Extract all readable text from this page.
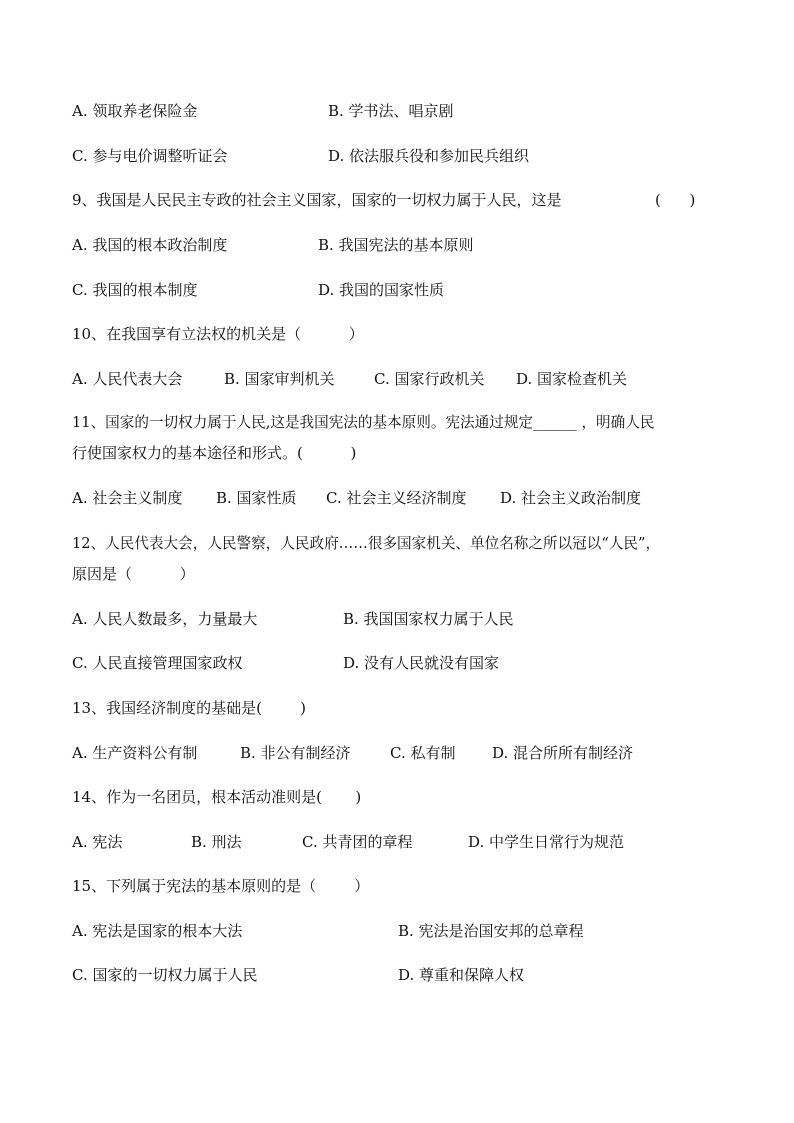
A. 领取养老保险金	B. 学书法、唱京剧
C. 参与电价调整听证会	D. 依法服兵役和参加民兵组织
9、我国是人民民主专政的社会主义国家，国家的一切权力属于人民，这是	(      )
A. 我国的根本政治制度	B. 我国宪法的基本原则
C. 我国的根本制度	D. 我国的国家性质
10、在我国享有立法权的机关是（          ）
A. 人民代表大会	B. 国家审判机关	C. 国家行政机关 D. 国家检查机关
11、国家的一切权力属于人民,这是我国宪法的基本原则。宪法通过规定______ ，明确人民
行使国家权力的基本途径和形式。(          )
A. 社会主义制度 B. 国家性质 C. 社会主义经济制度 D. 社会主义政治制度
12、人民代表大会，人民警察，人民政府……很多国家机关、单位名称之所以冠以“人民”，
原因是（          ）
A. 人民人数最多，力量最大	B. 我国国家权力属于人民
C. 人民直接管理国家政权	D. 没有人民就没有国家
13、我国经济制度的基础是(        )
A. 生产资料公有制	B. 非公有制经济	C. 私有制 D. 混合所所有制经济
14、作为一名团员，根本活动准则是(       )
A. 宪法	B. 刑法	C. 共青团的章程	D. 中学生日常行为规范
15、下列属于宪法的基本原则的是（        ）
A. 宪法是国家的根本大法	B. 宪法是治国安邦的总章程
C. 国家的一切权力属于人民	D. 尊重和保障人权
